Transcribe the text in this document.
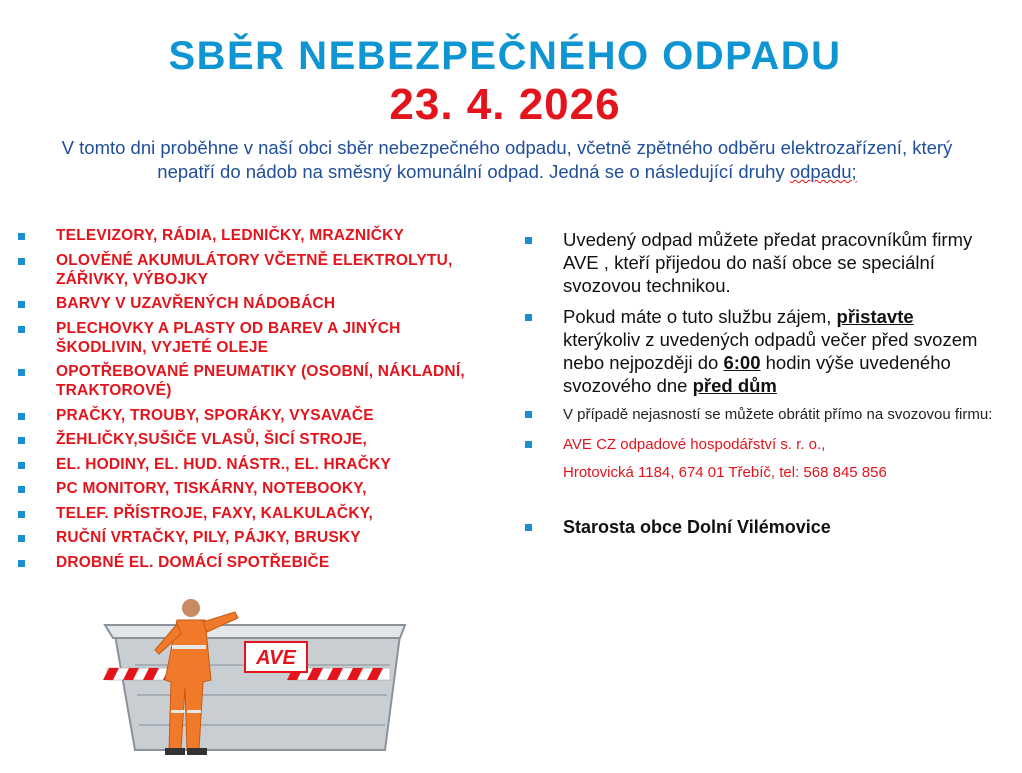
SBĚR NEBEZPEČNÉHO ODPADU
23. 4. 2026
V tomto dni proběhne v naší obci sběr nebezpečného odpadu, včetně zpětného odběru elektrozařízení, který
nepatří do nádob na směsný komunální odpad. Jedná se o následující druhy odpadu;
TELEVIZORY, RÁDIA, LEDNIČKY, MRAZNIČKY
OLOVĚNÉ AKUMULÁTORY VČETNĚ ELEKTROLYTU, ZÁŘIVKY, VÝBOJKY
BARVY V UZAVŘENÝCH NÁDOBÁCH
PLECHOVKY A PLASTY OD BAREV A JINÝCH ŠKODLIVIN, VYJETÉ OLEJE
OPOTŘEBOVANÉ PNEUMATIKY (OSOBNÍ, NÁKLADNÍ, TRAKTOROVÉ)
PRAČKY, TROUBY, SPORÁKY, VYSAVAČE
ŽEHLIČKY,SUŠIČE VLASŮ, ŠICÍ STROJE,
EL. HODINY, EL. HUD. NÁSTR., EL. HRAČKY
PC MONITORY, TISKÁRNY, NOTEBOOKY,
TELEF. PŘÍSTROJE, FAXY, KALKULAČKY,
RUČNÍ VRTAČKY, PILY, PÁJKY, BRUSKY
DROBNÉ EL. DOMÁCÍ SPOTŘEBIČE
Uvedený odpad můžete předat pracovníkům firmy AVE , kteří přijedou do naší obce se speciální svozovou technikou.
Pokud máte o tuto službu zájem, přistavte kterýkoliv z uvedených odpadů večer před svozem nebo nejpozději do 6:00 hodin výše uvedeného svozového dne před dům
V případě nejasností se můžete obrátit přímo na svozovou firmu:
AVE CZ odpadové hospodářství s. r. o.,
Hrotovická 1184, 674 01 Třebíč, tel: 568 845 856
Starosta obce Dolní Vilémovice
AVE
